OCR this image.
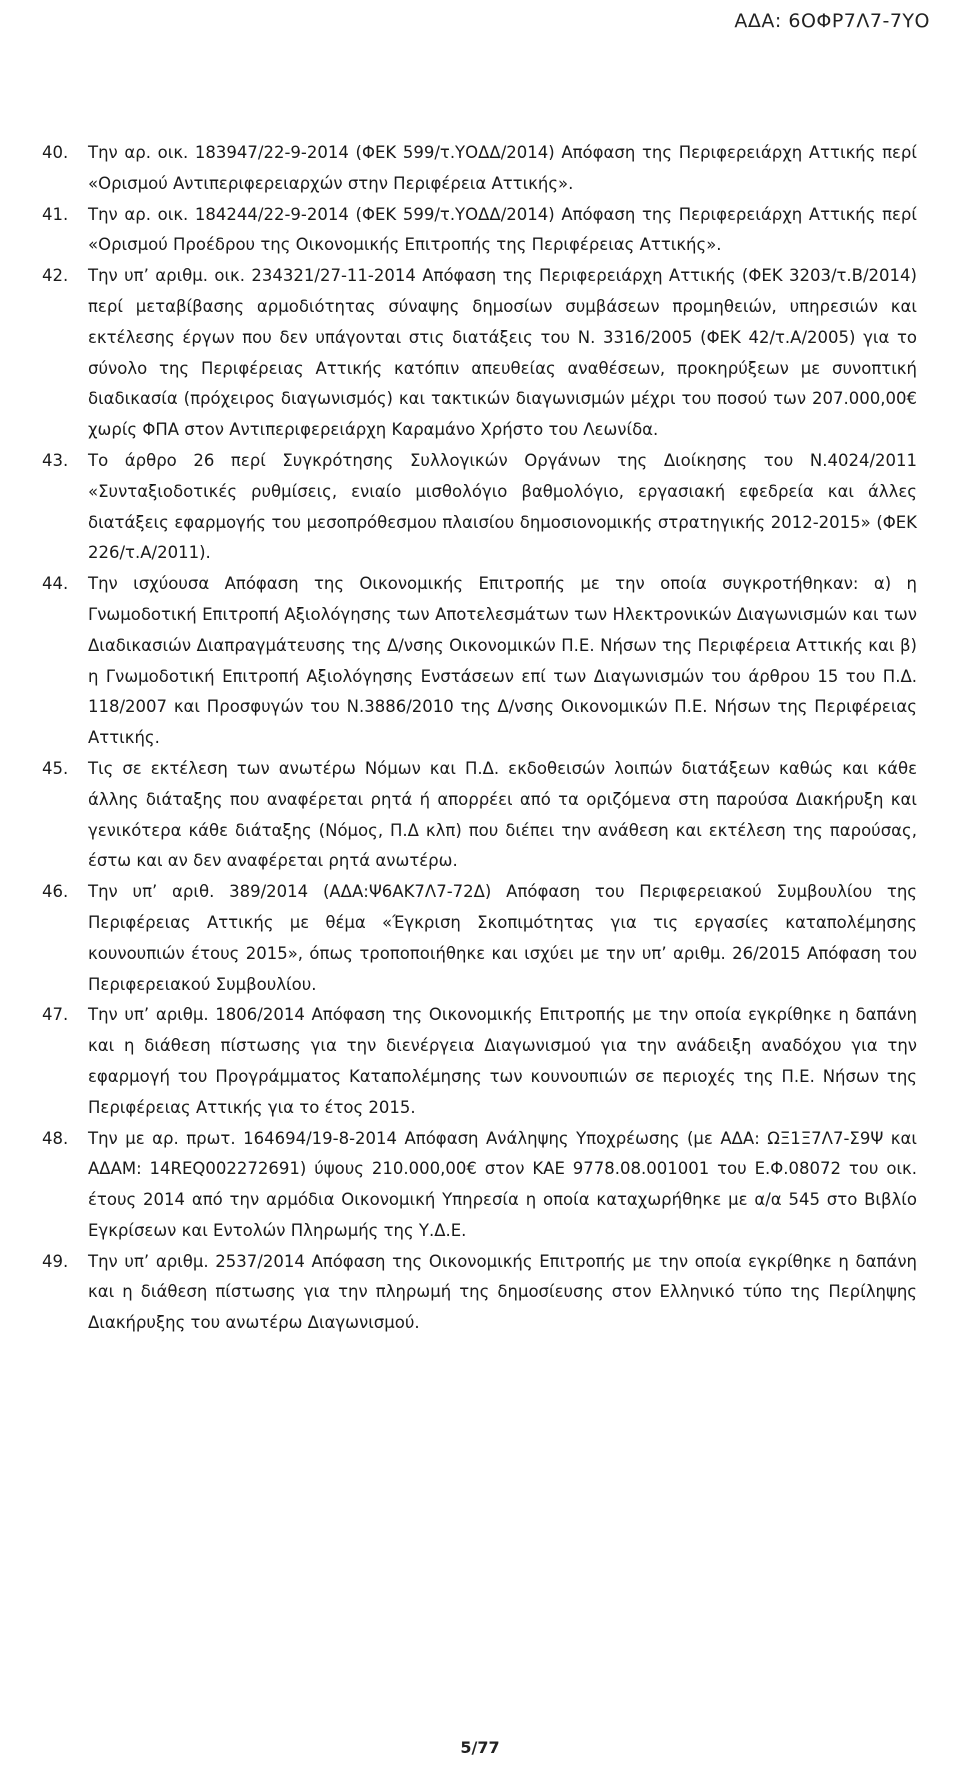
ΑΔΑ: 6ΟΦΡ7Λ7-7ΥΟ
40.	Την αρ. οικ. 183947/22-9-2014 (ΦΕΚ 599/τ.ΥΟΔΔ/2014) Απόφαση της Περιφερειάρχη Αττικής περί «Ορισμού Αντιπεριφερειαρχών στην Περιφέρεια Αττικής».
41.	Την αρ. οικ. 184244/22-9-2014 (ΦΕΚ 599/τ.ΥΟΔΔ/2014) Απόφαση της Περιφερειάρχη Αττικής περί «Ορισμού Προέδρου της Οικονομικής Επιτροπής της Περιφέρειας Αττικής».
42.	Την υπ’ αριθμ. οικ. 234321/27-11-2014 Απόφαση της Περιφερειάρχη Αττικής (ΦΕΚ 3203/τ.Β/2014) περί μεταβίβασης αρμοδιότητας σύναψης δημοσίων συμβάσεων προμηθειών, υπηρεσιών και εκτέλεσης έργων που δεν υπάγονται στις διατάξεις του Ν. 3316/2005 (ΦΕΚ 42/τ.Α/2005) για το σύνολο της Περιφέρειας Αττικής κατόπιν απευθείας αναθέσεων, προκηρύξεων με συνοπτική διαδικασία (πρόχειρος διαγωνισμός) και τακτικών διαγωνισμών μέχρι του ποσού των 207.000,00€ χωρίς ΦΠΑ στον Αντιπεριφερειάρχη Καραμάνο Χρήστο του Λεωνίδα.
43.	Το άρθρο 26 περί Συγκρότησης Συλλογικών Οργάνων της Διοίκησης του Ν.4024/2011 «Συνταξιοδοτικές ρυθμίσεις, ενιαίο μισθολόγιο βαθμολόγιο, εργασιακή εφεδρεία και άλλες διατάξεις εφαρμογής του μεσοπρόθεσμου πλαισίου δημοσιονομικής στρατηγικής 2012-2015» (ΦΕΚ 226/τ.Α/2011).
44.	Την ισχύουσα Απόφαση της Οικονομικής Επιτροπής με την οποία συγκροτήθηκαν: α) η Γνωμοδοτική Επιτροπή Αξιολόγησης των Αποτελεσμάτων των Ηλεκτρονικών Διαγωνισμών και των Διαδικασιών Διαπραγμάτευσης της Δ/νσης Οικονομικών Π.Ε. Νήσων της Περιφέρεια Αττικής και β) η Γνωμοδοτική Επιτροπή Αξιολόγησης Ενστάσεων επί των Διαγωνισμών του άρθρου 15 του Π.Δ. 118/2007 και Προσφυγών του Ν.3886/2010 της Δ/νσης Οικονομικών Π.Ε. Νήσων της Περιφέρειας Αττικής.
45.	Τις σε εκτέλεση των ανωτέρω Νόμων και Π.Δ. εκδοθεισών λοιπών διατάξεων καθώς και κάθε άλλης διάταξης που αναφέρεται ρητά ή απορρέει από τα οριζόμενα στη παρούσα Διακήρυξη και γενικότερα κάθε διάταξης (Νόμος, Π.Δ κλπ) που διέπει την ανάθεση και εκτέλεση της παρούσας, έστω και αν δεν αναφέρεται ρητά ανωτέρω.
46.	Την υπ’ αριθ. 389/2014 (ΑΔΑ:Ψ6ΑΚ7Λ7-72Δ) Απόφαση του Περιφερειακού Συμβουλίου της Περιφέρειας Αττικής με θέμα «Έγκριση Σκοπιμότητας για τις εργασίες καταπολέμησης κουνουπιών έτους 2015», όπως τροποποιήθηκε και ισχύει με την υπ’ αριθμ. 26/2015 Απόφαση του Περιφερειακού Συμβουλίου.
47.	Την υπ’ αριθμ. 1806/2014 Απόφαση της Οικονομικής Επιτροπής με την οποία εγκρίθηκε η δαπάνη και η διάθεση πίστωσης για την διενέργεια Διαγωνισμού για την ανάδειξη αναδόχου για την εφαρμογή του Προγράμματος Καταπολέμησης των κουνουπιών σε περιοχές της Π.Ε. Νήσων της Περιφέρειας Αττικής για το έτος 2015.
48.	Την με αρ. πρωτ. 164694/19-8-2014 Απόφαση Ανάληψης Υποχρέωσης (με ΑΔΑ: ΩΞ1Ξ7Λ7-Σ9Ψ και ΑΔΑΜ: 14REQ002272691) ύψους 210.000,00€ στον ΚΑΕ 9778.08.001001 του Ε.Φ.08072 του οικ. έτους 2014 από την αρμόδια Οικονομική Υπηρεσία η οποία καταχωρήθηκε με α/α 545 στο Βιβλίο Εγκρίσεων και Εντολών Πληρωμής της Υ.Δ.Ε.
49.	Την υπ’ αριθμ. 2537/2014 Απόφαση της Οικονομικής Επιτροπής με την οποία εγκρίθηκε η δαπάνη και η διάθεση πίστωσης για την πληρωμή της δημοσίευσης στον Ελληνικό τύπο της Περίληψης Διακήρυξης του ανωτέρω Διαγωνισμού.
5/77
